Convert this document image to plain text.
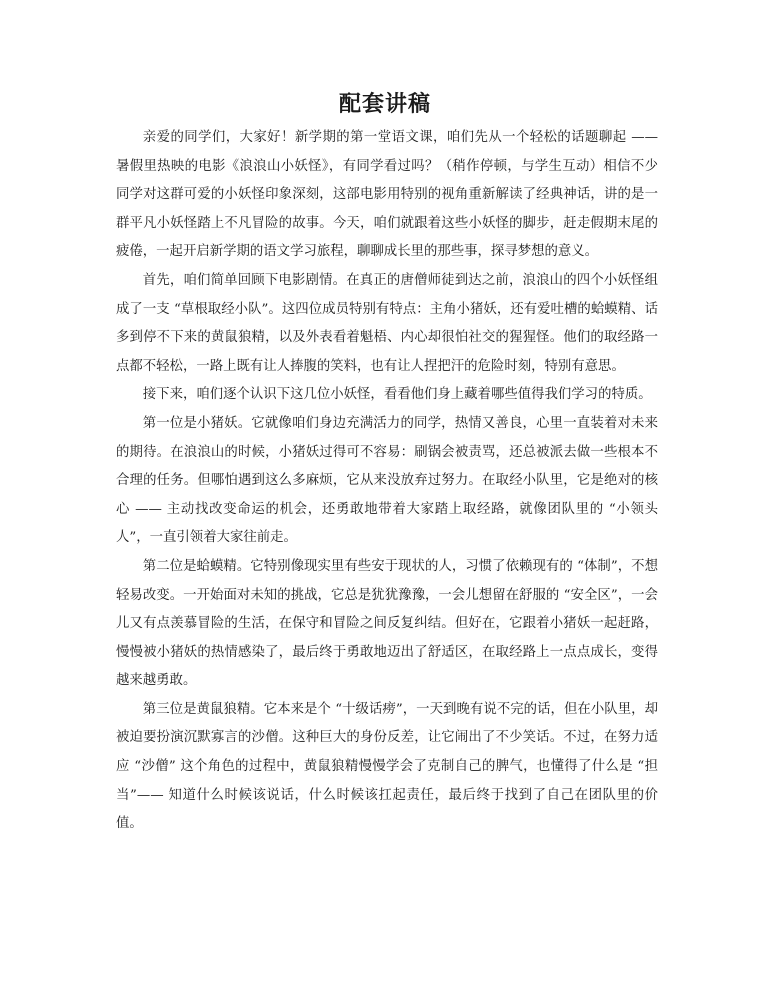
配套讲稿

亲爱的同学们，大家好！新学期的第一堂语文课，咱们先从一个轻松的话题聊起 —— 暑假里热映的电影《浪浪山小妖怪》，有同学看过吗？（稍作停顿，与学生互动）相信不少同学对这群可爱的小妖怪印象深刻，这部电影用特别的视角重新解读了经典神话，讲的是一群平凡小妖怪踏上不凡冒险的故事。今天，咱们就跟着这些小妖怪的脚步，赶走假期末尾的疲倦，一起开启新学期的语文学习旅程，聊聊成长里的那些事，探寻梦想的意义。

首先，咱们简单回顾下电影剧情。在真正的唐僧师徒到达之前，浪浪山的四个小妖怪组成了一支 “草根取经小队”。这四位成员特别有特点：主角小猪妖，还有爱吐槽的蛤蟆精、话多到停不下来的黄鼠狼精，以及外表看着魁梧、内心却很怕社交的猩猩怪。他们的取经路一点都不轻松，一路上既有让人捧腹的笑料，也有让人捏把汗的危险时刻，特别有意思。

接下来，咱们逐个认识下这几位小妖怪，看看他们身上藏着哪些值得我们学习的特质。

第一位是小猪妖。它就像咱们身边充满活力的同学，热情又善良，心里一直装着对未来的期待。在浪浪山的时候，小猪妖过得可不容易：刷锅会被责骂，还总被派去做一些根本不合理的任务。但哪怕遇到这么多麻烦，它从来没放弃过努力。在取经小队里，它是绝对的核心 —— 主动找改变命运的机会，还勇敢地带着大家踏上取经路，就像团队里的 “小领头人”，一直引领着大家往前走。

第二位是蛤蟆精。它特别像现实里有些安于现状的人，习惯了依赖现有的 “体制”，不想轻易改变。一开始面对未知的挑战，它总是犹犹豫豫，一会儿想留在舒服的 “安全区”，一会儿又有点羡慕冒险的生活，在保守和冒险之间反复纠结。但好在，它跟着小猪妖一起赶路，慢慢被小猪妖的热情感染了，最后终于勇敢地迈出了舒适区，在取经路上一点点成长，变得越来越勇敢。

第三位是黄鼠狼精。它本来是个 “十级话痨”，一天到晚有说不完的话，但在小队里，却被迫要扮演沉默寡言的沙僧。这种巨大的身份反差，让它闹出了不少笑话。不过，在努力适应 “沙僧” 这个角色的过程中，黄鼠狼精慢慢学会了克制自己的脾气，也懂得了什么是 “担当”—— 知道什么时候该说话，什么时候该扛起责任，最后终于找到了自己在团队里的价值。
